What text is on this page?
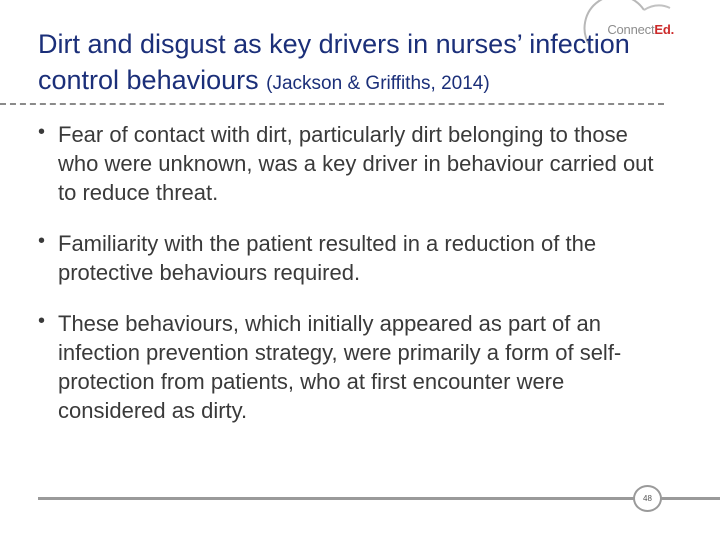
ConnectEd.
Dirt and disgust as key drivers in nurses’ infection control behaviours (Jackson & Griffiths, 2014)
• Fear of contact with dirt, particularly dirt belonging to those who were unknown, was a key driver in behaviour carried out to reduce threat.
• Familiarity with the patient resulted in a reduction of the protective behaviours required.
• These behaviours, which initially appeared as part of an infection prevention strategy, were primarily a form of self-protection from patients, who at first encounter were considered as dirty.
48
